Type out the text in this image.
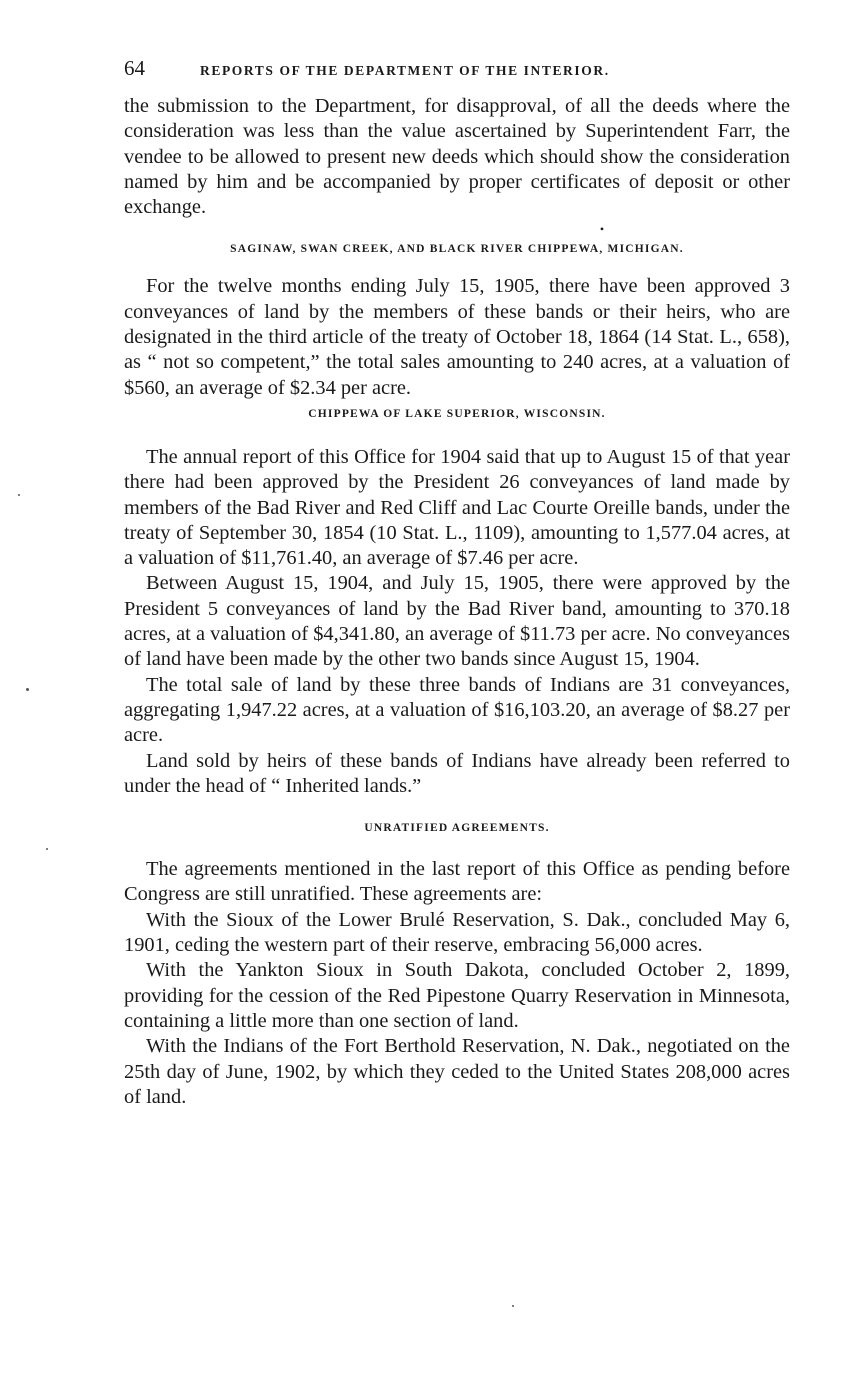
64	REPORTS OF THE DEPARTMENT OF THE INTERIOR.

the submission to the Department, for disapproval, of all the deeds where the consideration was less than the value ascertained by Superintendent Farr, the vendee to be allowed to present new deeds which should show the consideration named by him and be accompanied by proper certificates of deposit or other exchange.

•
SAGINAW, SWAN CREEK, AND BLACK RIVER CHIPPEWA, MICHIGAN.

For the twelve months ending July 15, 1905, there have been approved 3 conveyances of land by the members of these bands or their heirs, who are designated in the third article of the treaty of October 18, 1864 (14 Stat. L., 658), as “ not so competent,” the total sales amounting to 240 acres, at a valuation of $560, an average of $2.34 per acre.

CHIPPEWA OF LAKE SUPERIOR, WISCONSIN.

The annual report of this Office for 1904 said that up to August 15 of that year there had been approved by the President 26 conveyances of land made by members of the Bad River and Red Cliff and Lac Courte Oreille bands, under the treaty of September 30, 1854 (10 Stat. L., 1109), amounting to 1,577.04 acres, at a valuation of $11,761.40, an average of $7.46 per acre.

Between August 15, 1904, and July 15, 1905, there were approved by the President 5 conveyances of land by the Bad River band, amounting to 370.18 acres, at a valuation of $4,341.80, an average of $11.73 per acre. No conveyances of land have been made by the other two bands since August 15, 1904.

The total sale of land by these three bands of Indians are 31 conveyances, aggregating 1,947.22 acres, at a valuation of $16,103.20, an average of $8.27 per acre.

Land sold by heirs of these bands of Indians have already been referred to under the head of “ Inherited lands.”

UNRATIFIED AGREEMENTS.

The agreements mentioned in the last report of this Office as pending before Congress are still unratified. These agreements are:

With the Sioux of the Lower Brulé Reservation, S. Dak., concluded May 6, 1901, ceding the western part of their reserve, embracing 56,000 acres.

With the Yankton Sioux in South Dakota, concluded October 2, 1899, providing for the cession of the Red Pipestone Quarry Reservation in Minnesota, containing a little more than one section of land.

With the Indians of the Fort Berthold Reservation, N. Dak., negotiated on the 25th day of June, 1902, by which they ceded to the United States 208,000 acres of land.
